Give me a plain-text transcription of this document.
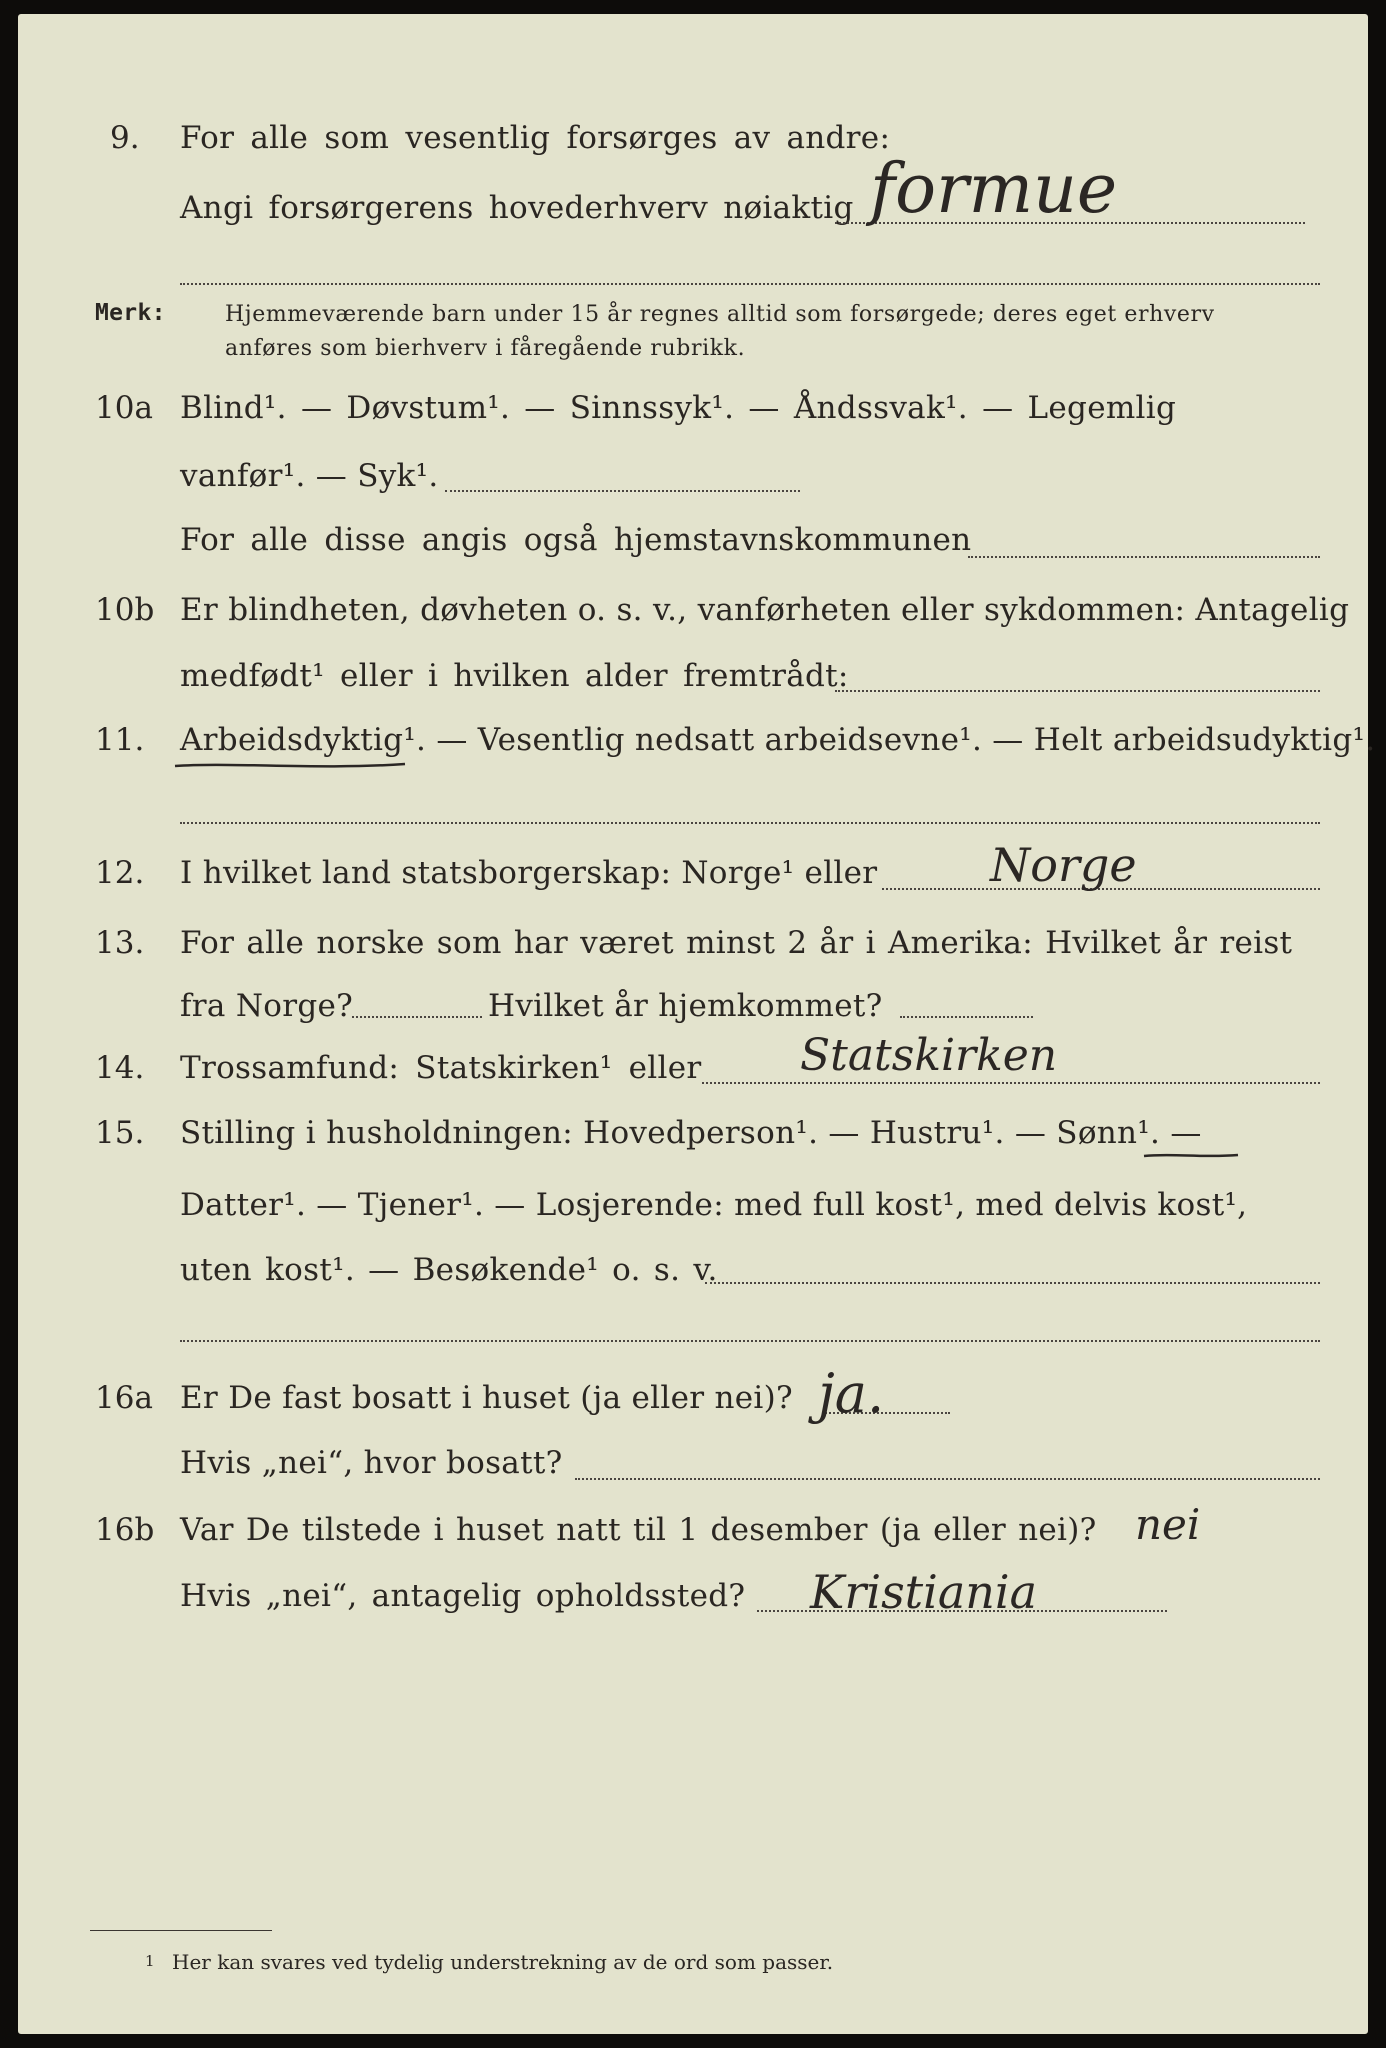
9. For alle som vesentlig forsørges av andre:
Angi forsørgerens hovederhverv nøiaktig formue
Merk:	Hjemmeværende barn under 15 år regnes alltid som forsørgede; deres eget erhverv
anføres som bierhverv i fåregående rubrikk.
10a Blind¹. — Døvstum¹. — Sinnssyk¹. — Åndssvak¹. — Legemlig
vanfør¹. — Syk¹.
For alle disse angis også hjemstavnskommunen
10b Er blindheten, døvheten o. s. v., vanførheten eller sykdommen: Antagelig
medfødt¹ eller i hvilken alder fremtrådt:
11. Arbeidsdyktig¹. — Vesentlig nedsatt arbeidsevne¹. — Helt arbeidsudyktig¹.
12. I hvilket land statsborgerskap: Norge¹ eller Norge
13. For alle norske som har været minst 2 år i Amerika: Hvilket år reist
fra Norge?	Hvilket år hjemkommet?
14. Trossamfund: Statskirken¹ eller Statskirken
15. Stilling i husholdningen: Hovedperson¹. — Hustru¹. — Sønn¹. —
Datter¹. — Tjener¹. — Losjerende: med full kost¹, med delvis kost¹,
uten kost¹. — Besøkende¹ o. s. v.
16a Er De fast bosatt i huset (ja eller nei)? ja.
Hvis „nei“, hvor bosatt?
16b Var De tilstede i huset natt til 1 desember (ja eller nei)? nei
Hvis „nei“, antagelig opholdssted? Kristiania
1 Her kan svares ved tydelig understrekning av de ord som passer.
